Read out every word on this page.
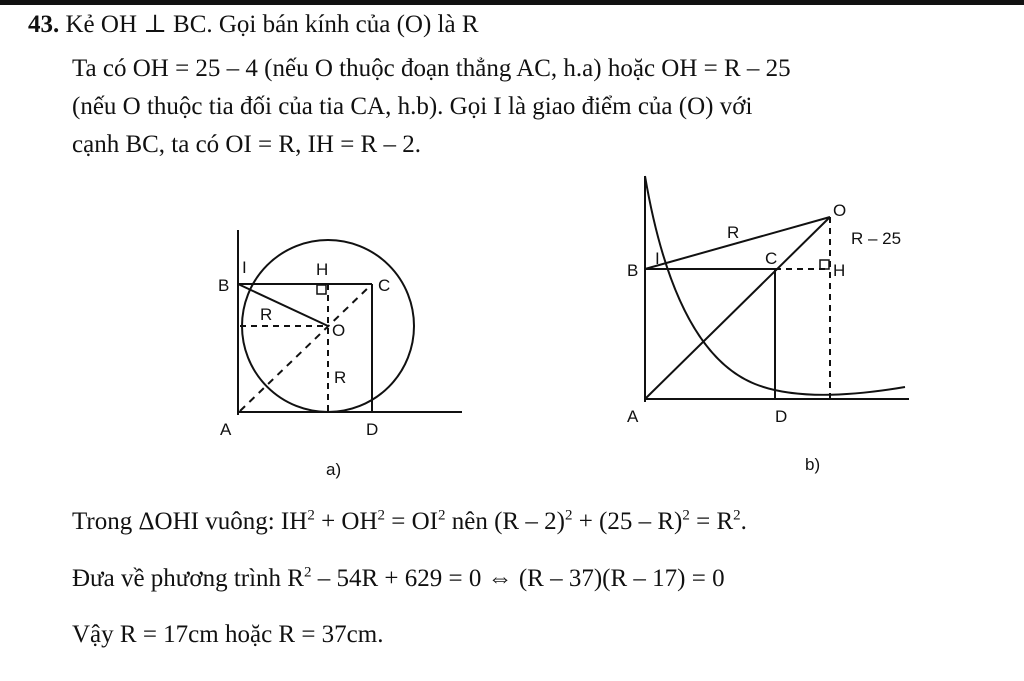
43. Kẻ OH ⊥ BC. Gọi bán kính của (O) là R
Ta có OH = 25 – 4 (nếu O thuộc đoạn thẳng AC, h.a) hoặc OH = R – 25
(nếu O thuộc tia đối của tia CA, h.b). Gọi I là giao điểm của (O) với
cạnh BC, ta có OI = R, IH = R – 2.
B
I	H
C
R
O
R
A	D
a)
B
I
R
C
O
R – 25
H
A	D
b)
Trong ΔOHI vuông: $IH^2 + OH^2 = OI^2$ nên $(R - 2)^2 + (25 - R)^2 = R^2$.
Đưa về phương trình $R^2 - 54R + 629 = 0$ ⇔ (R – 37)(R – 17) = 0
Vậy R = 17cm hoặc R = 37cm.
